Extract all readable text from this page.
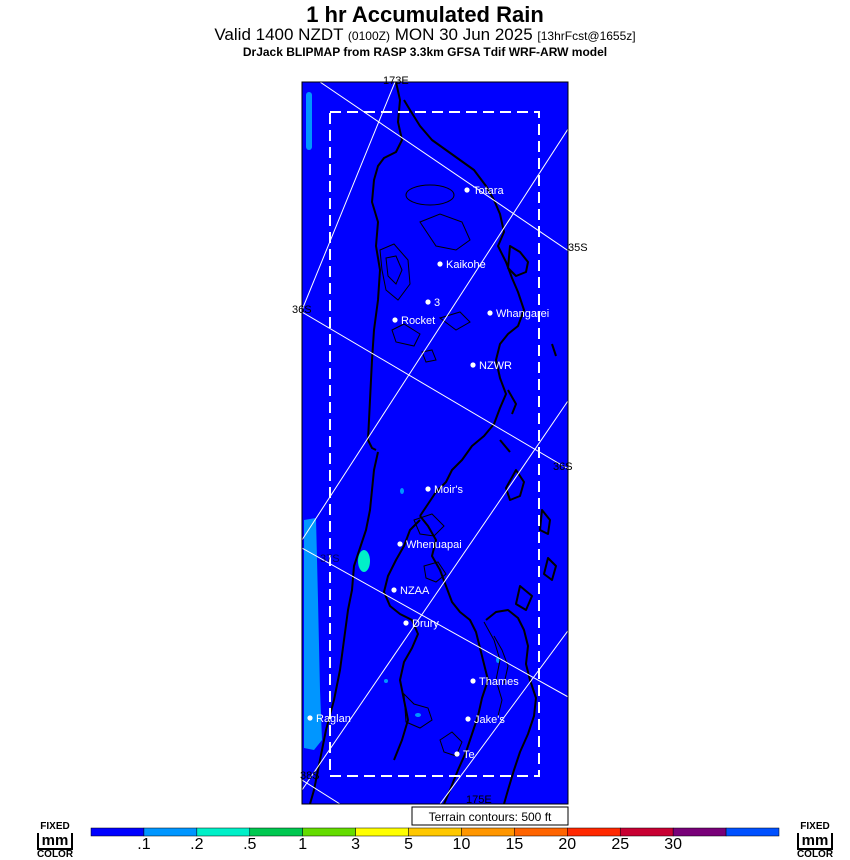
1 hr Accumulated Rain
Valid 1400 NZDT (0100Z) MON 30 Jun 2025 [13hrFcst@1655z]
DrJack BLIPMAP from RASP 3.3km GFSA Tdif WRF-ARW model
173E
35S
36S
36S
37S
38S
175E
Totara
Kaikohe
3
Rocket
Whangarei
NZWR
Moir's
Whenuapai
NZAA
Drury
Thames
Raglan	Jake's
Te
Terrain contours: 500 ft
FIXED
mm
COLOR
FIXED
mm
COLOR
.1 .2 .5	1	3	5 10 15 20 25 30
